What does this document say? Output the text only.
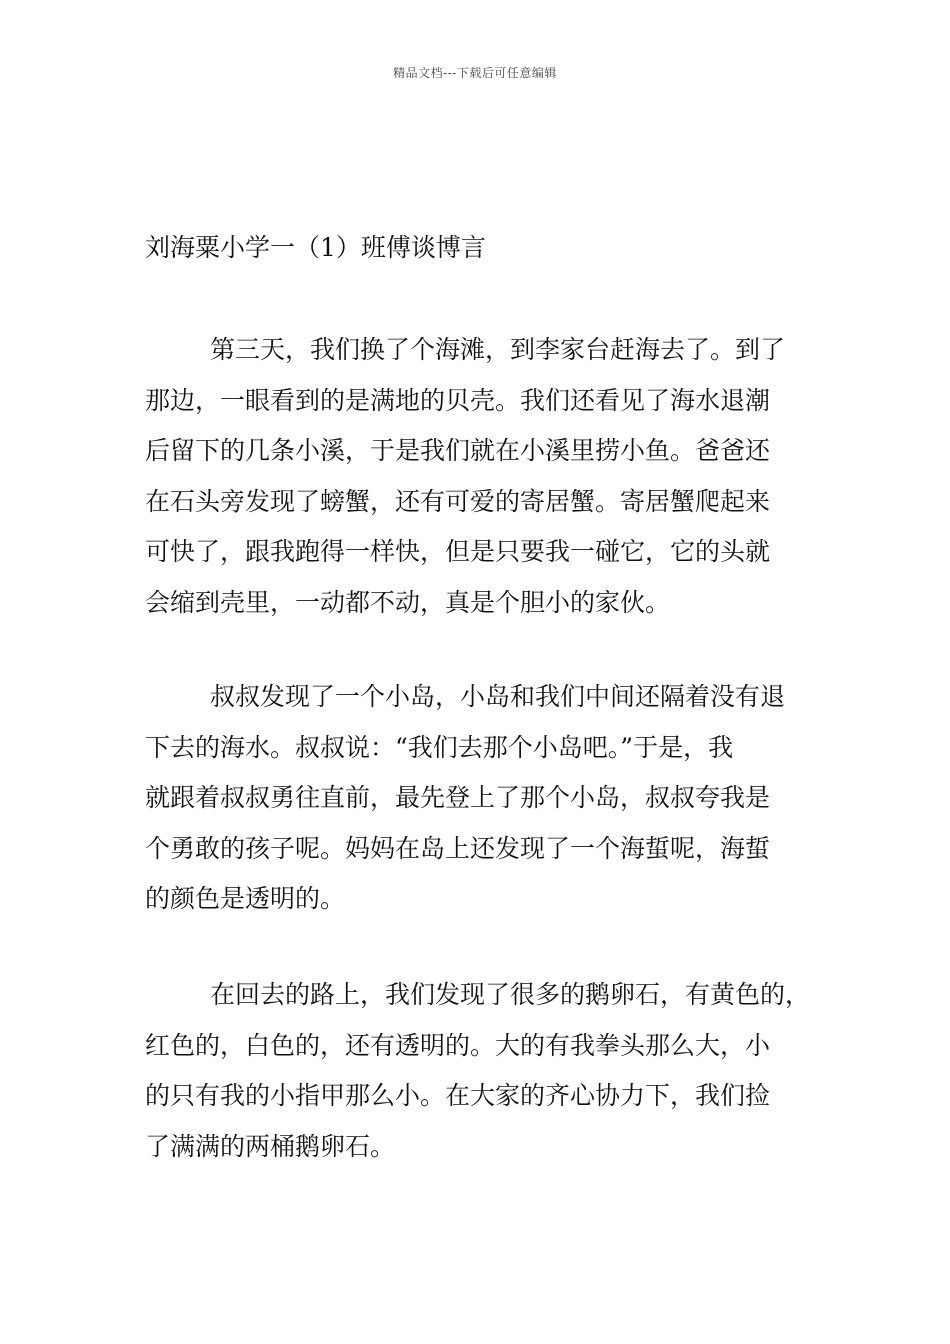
精品文档---下载后可任意编辑
刘海粟小学一（1）班傅谈博言
第三天，我们换了个海滩，到李家台赶海去了。到了
那边，一眼看到的是满地的贝壳。我们还看见了海水退潮
后留下的几条小溪，于是我们就在小溪里捞小鱼。爸爸还
在石头旁发现了螃蟹，还有可爱的寄居蟹。寄居蟹爬起来
可快了，跟我跑得一样快，但是只要我一碰它，它的头就
会缩到壳里，一动都不动，真是个胆小的家伙。
叔叔发现了一个小岛，小岛和我们中间还隔着没有退
下去的海水。叔叔说：“我们去那个小岛吧。”于是，我
就跟着叔叔勇往直前，最先登上了那个小岛，叔叔夸我是
个勇敢的孩子呢。妈妈在岛上还发现了一个海蜇呢，海蜇
的颜色是透明的。
在回去的路上，我们发现了很多的鹅卵石，有黄色的，
红色的，白色的，还有透明的。大的有我拳头那么大，小
的只有我的小指甲那么小。在大家的齐心协力下，我们捡
了满满的两桶鹅卵石。
